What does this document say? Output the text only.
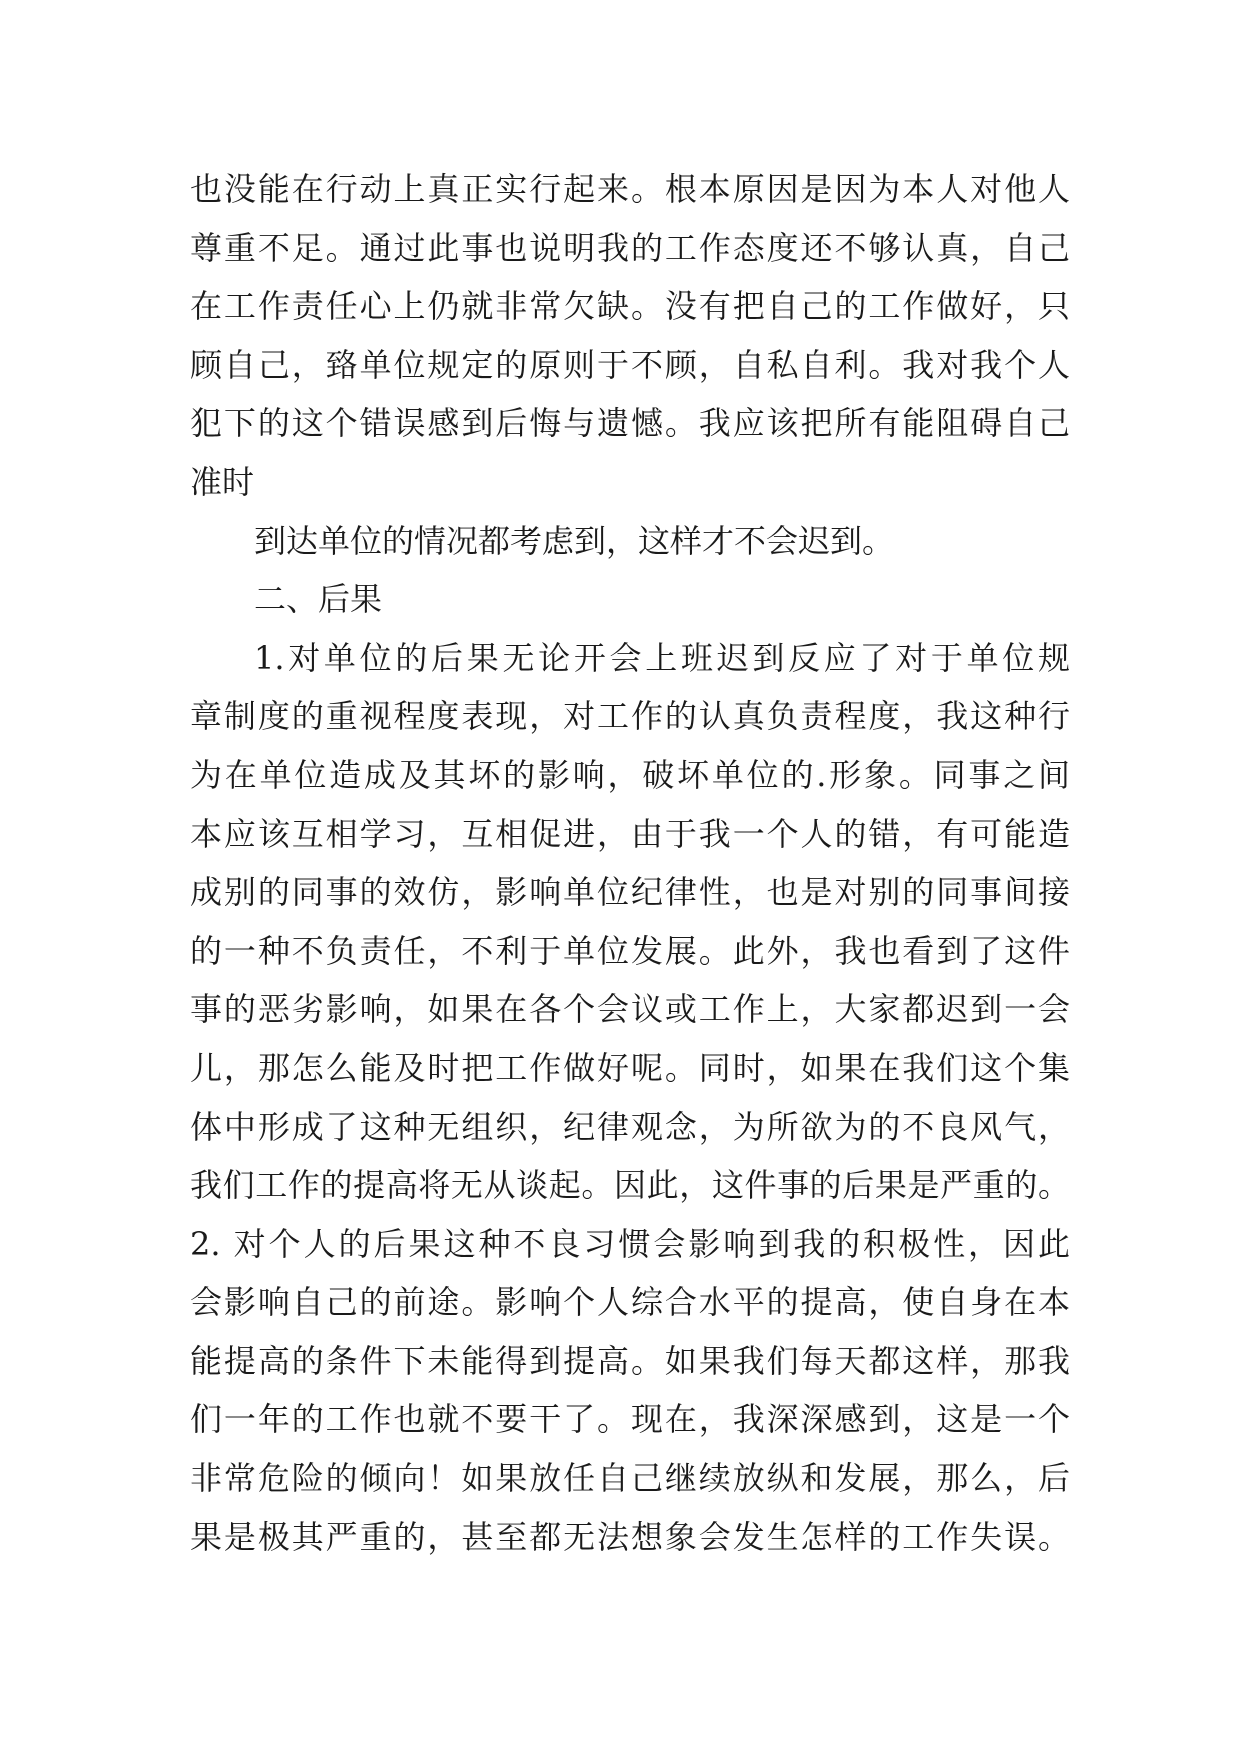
也没能在行动上真正实行起来。根本原因是因为本人对他人
尊重不足。通过此事也说明我的工作态度还不够认真，自己
在工作责任心上仍就非常欠缺。没有把自己的工作做好，只
顾自己，臵单位规定的原则于不顾，自私自利。我对我个人
犯下的这个错误感到后悔与遗憾。我应该把所有能阻碍自己
准时
到达单位的情况都考虑到，这样才不会迟到。
二、后果
1.对单位的后果无论开会上班迟到反应了对于单位规
章制度的重视程度表现，对工作的认真负责程度，我这种行
为在单位造成及其坏的影响，破坏单位的.形象。同事之间
本应该互相学习，互相促进，由于我一个人的错，有可能造
成别的同事的效仿，影响单位纪律性，也是对别的同事间接
的一种不负责任，不利于单位发展。此外，我也看到了这件
事的恶劣影响，如果在各个会议或工作上，大家都迟到一会
儿，那怎么能及时把工作做好呢。同时，如果在我们这个集
体中形成了这种无组织，纪律观念，为所欲为的不良风气，
我们工作的提高将无从谈起。因此，这件事的后果是严重的。
2. 对个人的后果这种不良习惯会影响到我的积极性，因此
会影响自己的前途。影响个人综合水平的提高，使自身在本
能提高的条件下未能得到提高。如果我们每天都这样，那我
们一年的工作也就不要干了。现在，我深深感到，这是一个
非常危险的倾向！如果放任自己继续放纵和发展，那么，后
果是极其严重的，甚至都无法想象会发生怎样的工作失误。
